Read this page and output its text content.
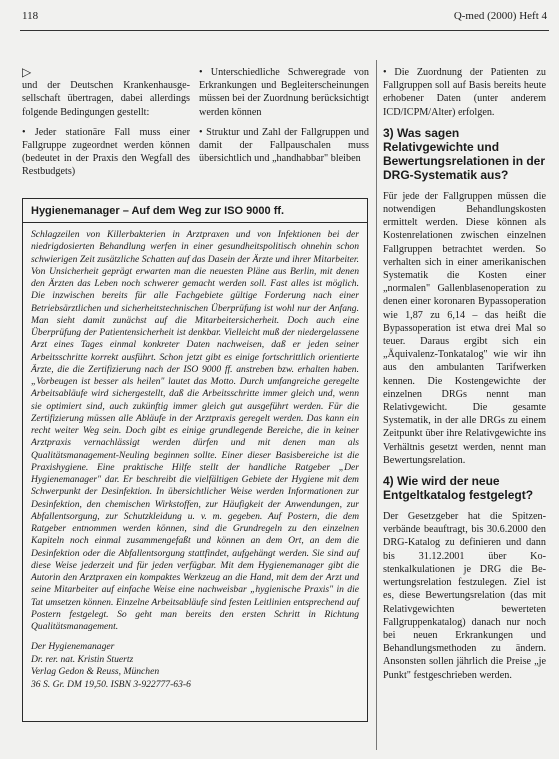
118	Q-med (2000) Heft 4
▷

und der Deutschen Krankenhausgesellschaft übertragen, dabei allerdings folgende Bedingungen gestellt:

• Jeder stationäre Fall muss einer Fallgruppe zugeordnet werden können (bedeutet in der Praxis den Wegfall des Restbudgets)

• Unterschiedliche Schweregrade von Erkrankungen und Begleiterscheinungen müssen bei der Zuordnung berücksichtigt werden können

• Struktur und Zahl der Fallgruppen und damit der Fallpauschalen muss übersichtlich und „handhabbar" bleiben

Hygienemanager – Auf dem Weg zur ISO 9000 ff.
Schlagzeilen von Killerbakterien in Arztpraxen und von Infektionen bei der niedrigdosierten Behandlung werfen in einer gesundheitspolitisch ohnehin schon schwierigen Zeit zusätzliche Schatten auf das Dasein der Ärzte und ihrer Mitarbeiter. Von Unsicherheit geprägt erwarten man die neuesten Pläne aus Berlin, mit denen den Ärzten das Leben noch schwerer gemacht werden soll. Fast alles ist möglich. Die inzwischen bereits für alle Fachgebiete gültige Forderung nach einer Betriebsärztlichen und sicherheitstechnischen Überprüfung ist wohl nur der Anfang. Man sieht damit zunächst auf die Mitarbeitersicherheit. Doch auch eine Überprüfung der Patientensicherheit ist denkbar. Vielleicht muß der niedergelassene Arzt eines Tages einmal konkreter Daten nachweisen, daß er jeden seiner Arbeitsschritte korrekt ausführt. Schon jetzt gibt es einige fortschrittlich orientierte Ärzte, die die Zertifizierung nach der ISO 9000 ff. anstreben bzw. erhalten haben. „Vorbeugen ist besser als heilen" lautet das Motto. Durch umfangreiche geregelte Arbeitsabläufe wird sichergestellt, daß die Arbeitsschritte immer gleich und, wenn sie optimiert sind, auch zukünftig immer gleich gut ausgeführt werden. Für die Zertifizierung müssen alle Abläufe in der Arztpraxis geregelt werden. Das kann ein recht weiter Weg sein. Doch gibt es einige grundlegende Bereiche, die in keiner Arztpraxis vernachlässigt werden dürfen und mit denen man als Qualitätsmanagement-Neuling beginnen sollte. Einer dieser Basisbereiche ist die Praxishygiene. Eine praktische Hilfe stellt der handliche Ratgeber „Der Hygienemanager" dar. Er beschreibt die vielfältigen Gebiete der Hygiene mit dem Schwerpunkt der Desinfektion. In übersichtlicher Weise werden Informationen zur Desinfektion, den chemischen Wirkstoffen, zur Häufigkeit der Anwendungen, zur Abfallentsorgung, zur Schutzkleidung u. v. m. gegeben. Auf Postern, die dem Ratgeber entnommen werden können, sind die Grundregeln zu den einzelnen Kapiteln noch einmal zusammengefaßt und können an dem Ort, an dem die Desinfektion oder die Abfallentsorgung stattfindet, aufgehängt werden. Sie sind auf diese Weise jederzeit und für jeden verfügbar. Mit dem Hygienemanager gibt die Autorin den Arztpraxen ein kompaktes Werkzeug an die Hand, mit dem der Arzt und seine Mitarbeiter auf einfache Weise eine nachweisbar „hygienische Praxis" in die Tat umsetzen können. Einzelne Arbeitsabläufe sind festen Leitlinien entsprechend auf Postern festgelegt. So geht man bereits den ersten Schritt in Richtung Qualitätsmanagement.
Der Hygienemanager
Dr. rer. nat. Kristin Stuertz
Verlag Gedon & Reuss, München
36 S. Gr. DM 19,50. ISBN 3-922777-63-6

• Die Zuordnung der Patienten zu Fallgruppen soll auf Basis bereits heute erhobener Daten (unter anderem ICD/ICPM/Alter) erfolgen.

3) Was sagen Relativgewichte und Bewertungsrelationen in der DRG-Systematik aus?

Für jede der Fallgruppen müssen die notwendigen Behandlungskosten ermittelt werden. Diese können als Kostenrelationen zwischen einzelnen Fallgruppen betrachtet werden. So verhalten sich in einer amerikanischen Systematik die Kosten einer „normalen" Gallenblasenoperation zu denen einer koronaren Bypassoperation wie 1,87 zu 6,14 – das heißt die Bypassoperation ist etwa drei Mal so teuer. Daraus ergibt sich ein „Äquivalenz-Tonkatalog" wie wir ihn aus den ambulanten Tarifwerken kennen. Die Kostengewichte der einzelnen DRGs nennt man Relativgewicht. Die gesamte Systematik, in der alle DRGs zu einem Zeitpunkt über ihre Relativgewichte ins Verhältnis gesetzt werden, nennt man Bewertungsrelation.

4) Wie wird der neue Entgeltkatalog festgelegt?

Der Gesetzgeber hat die Spitzenverbände beauftragt, bis 30.6.2000 den DRG-Katalog zu definieren und dann bis 31.12.2001 über Kostenkalkulationen je DRG die Bewertungsrelation festzulegen. Ziel ist es, diese Bewertungsrelation (das mit Relativgewichten bewerteten Fallgruppenkatalog) danach nur noch bei neuen Erkrankungen und Behandlungsmethoden zu ändern. Ansonsten sollen jährlich die Preise „je Punkt" festgeschrieben werden.
